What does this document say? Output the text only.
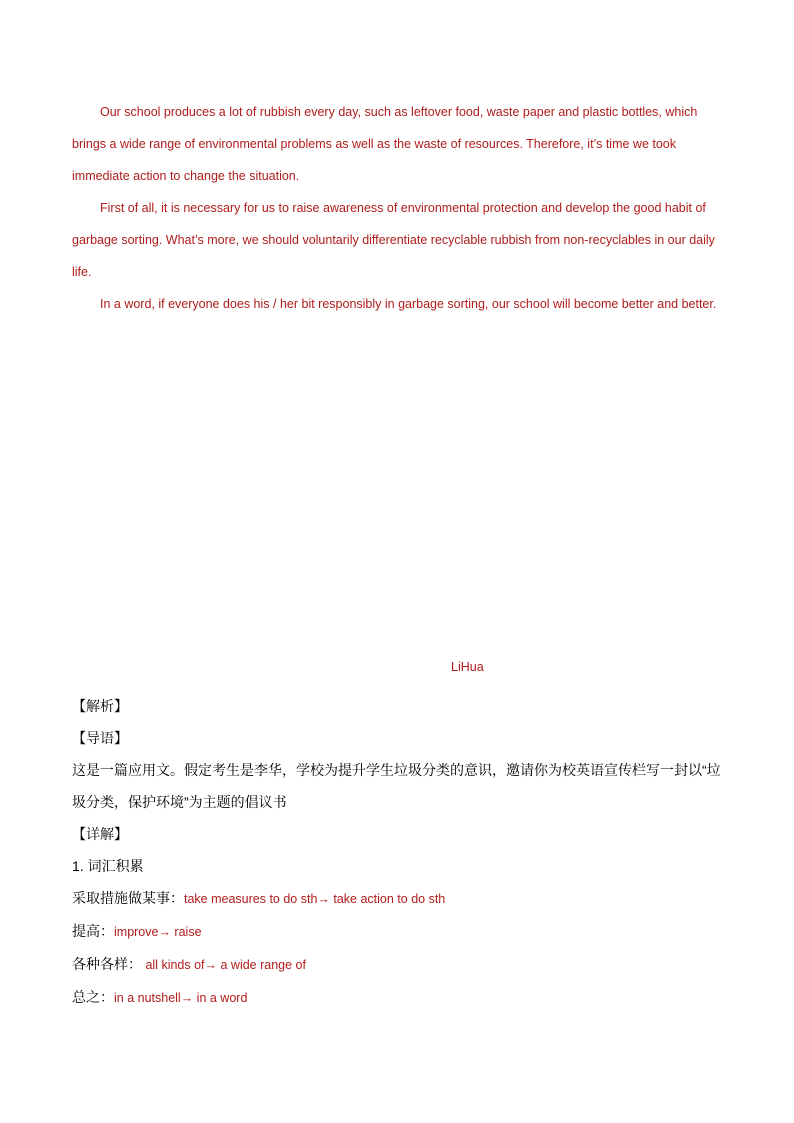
Our school produces a lot of rubbish every day, such as leftover food, waste paper and plastic bottles, which brings a wide range of environmental problems as well as the waste of resources. Therefore, it’s time we took immediate action to change the situation.

First of all, it is necessary for us to raise awareness of environmental protection and develop the good habit of garbage sorting. What’s more, we should voluntarily differentiate recyclable rubbish from non-recyclables in our daily life.

In a word, if everyone does his / her bit responsibly in garbage sorting, our school will become better and better.

LiHua
【解析】
【导语】
这是一篇应用文。假定考生是李华，学校为提升学生垃圾分类的意识，邀请你为校英语宣传栏写一封以“垃圾分类，保护环境”为主题的倡议书
【详解】
1. 词汇积累
采取措施做某事：take measures to do sth→ take action to do sth
提高：improve→ raise
各种各样： all kinds of→ a wide range of
总之：in a nutshell→ in a word
